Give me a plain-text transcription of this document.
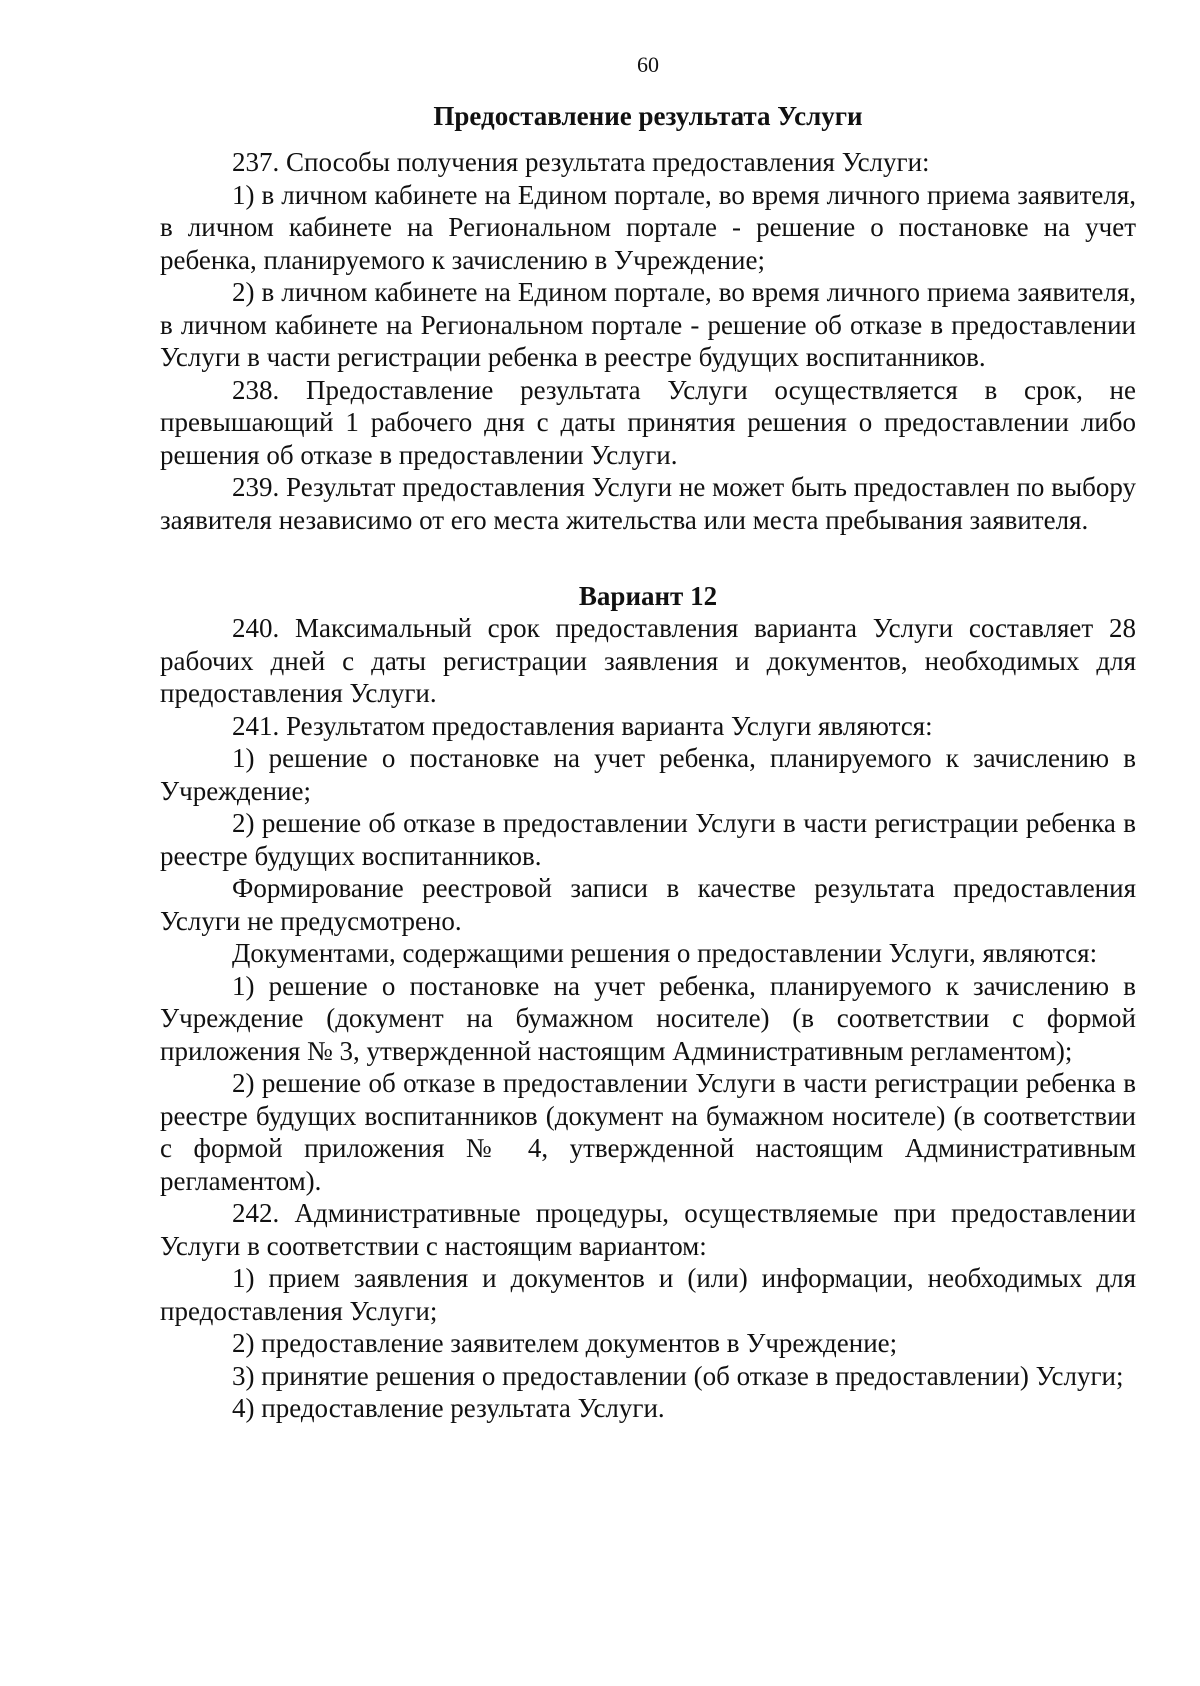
60
Предоставление результата Услуги

237. Способы получения результата предоставления Услуги:

1) в личном кабинете на Едином портале, во время личного приема заявителя, в личном кабинете на Региональном портале - решение о постановке на учет ребенка, планируемого к зачислению в Учреждение;

2) в личном кабинете на Едином портале, во время личного приема заявителя, в личном кабинете на Региональном портале - решение об отказе в предоставлении Услуги в части регистрации ребенка в реестре будущих воспитанников.

238. Предоставление результата Услуги осуществляется в срок, не превышающий 1 рабочего дня с даты принятия решения о предоставлении либо решения об отказе в предоставлении Услуги.

239. Результат предоставления Услуги не может быть предоставлен по выбору заявителя независимо от его места жительства или места пребывания заявителя.

Вариант 12

240. Максимальный срок предоставления варианта Услуги составляет 28 рабочих дней с даты регистрации заявления и документов, необходимых для предоставления Услуги.

241. Результатом предоставления варианта Услуги являются:

1) решение о постановке на учет ребенка, планируемого к зачислению в Учреждение;

2) решение об отказе в предоставлении Услуги в части регистрации ребенка в реестре будущих воспитанников.

Формирование реестровой записи в качестве результата предоставления Услуги не предусмотрено.

Документами, содержащими решения о предоставлении Услуги, являются:

1) решение о постановке на учет ребенка, планируемого к зачислению в Учреждение (документ на бумажном носителе) (в соответствии с формой приложения № 3, утвержденной настоящим Административным регламентом);

2) решение об отказе в предоставлении Услуги в части регистрации ребенка в реестре будущих воспитанников (документ на бумажном носителе) (в соответствии с формой приложения № 4, утвержденной настоящим Административным регламентом).

242. Административные процедуры, осуществляемые при предоставлении Услуги в соответствии с настоящим вариантом:

1) прием заявления и документов и (или) информации, необходимых для предоставления Услуги;

2) предоставление заявителем документов в Учреждение;

3) принятие решения о предоставлении (об отказе в предоставлении) Услуги;

4) предоставление результата Услуги.
